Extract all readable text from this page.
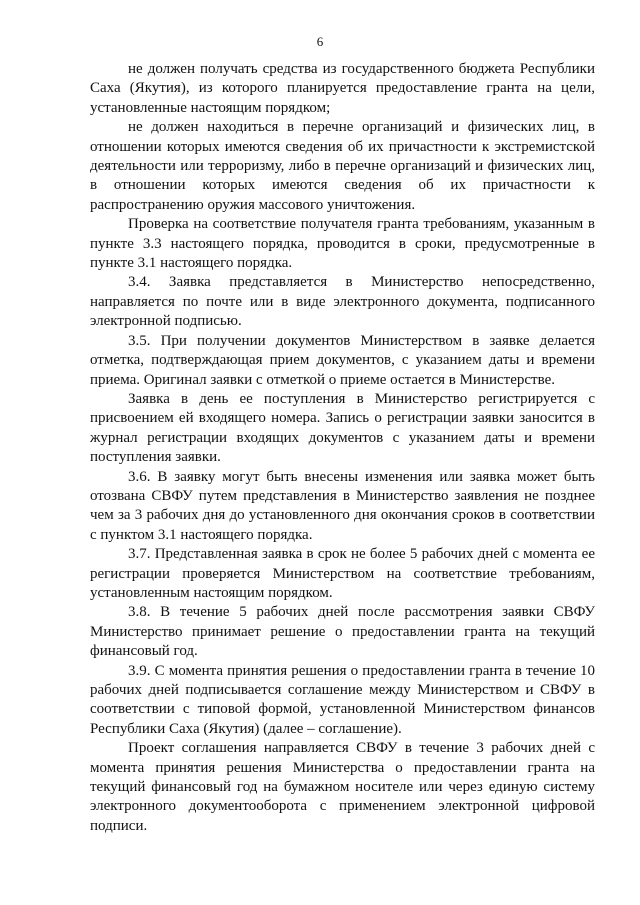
6

не должен получать средства из государственного бюджета Республики Саха (Якутия), из которого планируется предоставление гранта на цели, установленные настоящим порядком;

не должен находиться в перечне организаций и физических лиц, в отношении которых имеются сведения об их причастности к экстремистской деятельности или терроризму, либо в перечне организаций и физических лиц, в отношении которых имеются сведения об их причастности к распространению оружия массового уничтожения.

Проверка на соответствие получателя гранта требованиям, указанным в пункте 3.3 настоящего порядка, проводится в сроки, предусмотренные в пункте 3.1 настоящего порядка.

3.4. Заявка представляется в Министерство непосредственно, направляется по почте или в виде электронного документа, подписанного электронной подписью.

3.5. При получении документов Министерством в заявке делается отметка, подтверждающая прием документов, с указанием даты и времени приема. Оригинал заявки с отметкой о приеме остается в Министерстве.

Заявка в день ее поступления в Министерство регистрируется с присвоением ей входящего номера. Запись о регистрации заявки заносится в журнал регистрации входящих документов с указанием даты и времени поступления заявки.

3.6. В заявку могут быть внесены изменения или заявка может быть отозвана СВФУ путем представления в Министерство заявления не позднее чем за 3 рабочих дня до установленного дня окончания сроков в соответствии с пунктом 3.1 настоящего порядка.

3.7. Представленная заявка в срок не более 5 рабочих дней с момента ее регистрации проверяется Министерством на соответствие требованиям, установленным настоящим порядком.

3.8. В течение 5 рабочих дней после рассмотрения заявки СВФУ Министерство принимает решение о предоставлении гранта на текущий финансовый год.

3.9. С момента принятия решения о предоставлении гранта в течение 10 рабочих дней подписывается соглашение между Министерством и СВФУ в соответствии с типовой формой, установленной Министерством финансов Республики Саха (Якутия) (далее – соглашение).

Проект соглашения направляется СВФУ в течение 3 рабочих дней с момента принятия решения Министерства о предоставлении гранта на текущий финансовый год на бумажном носителе или через единую систему электронного документооборота с применением электронной цифровой подписи.
